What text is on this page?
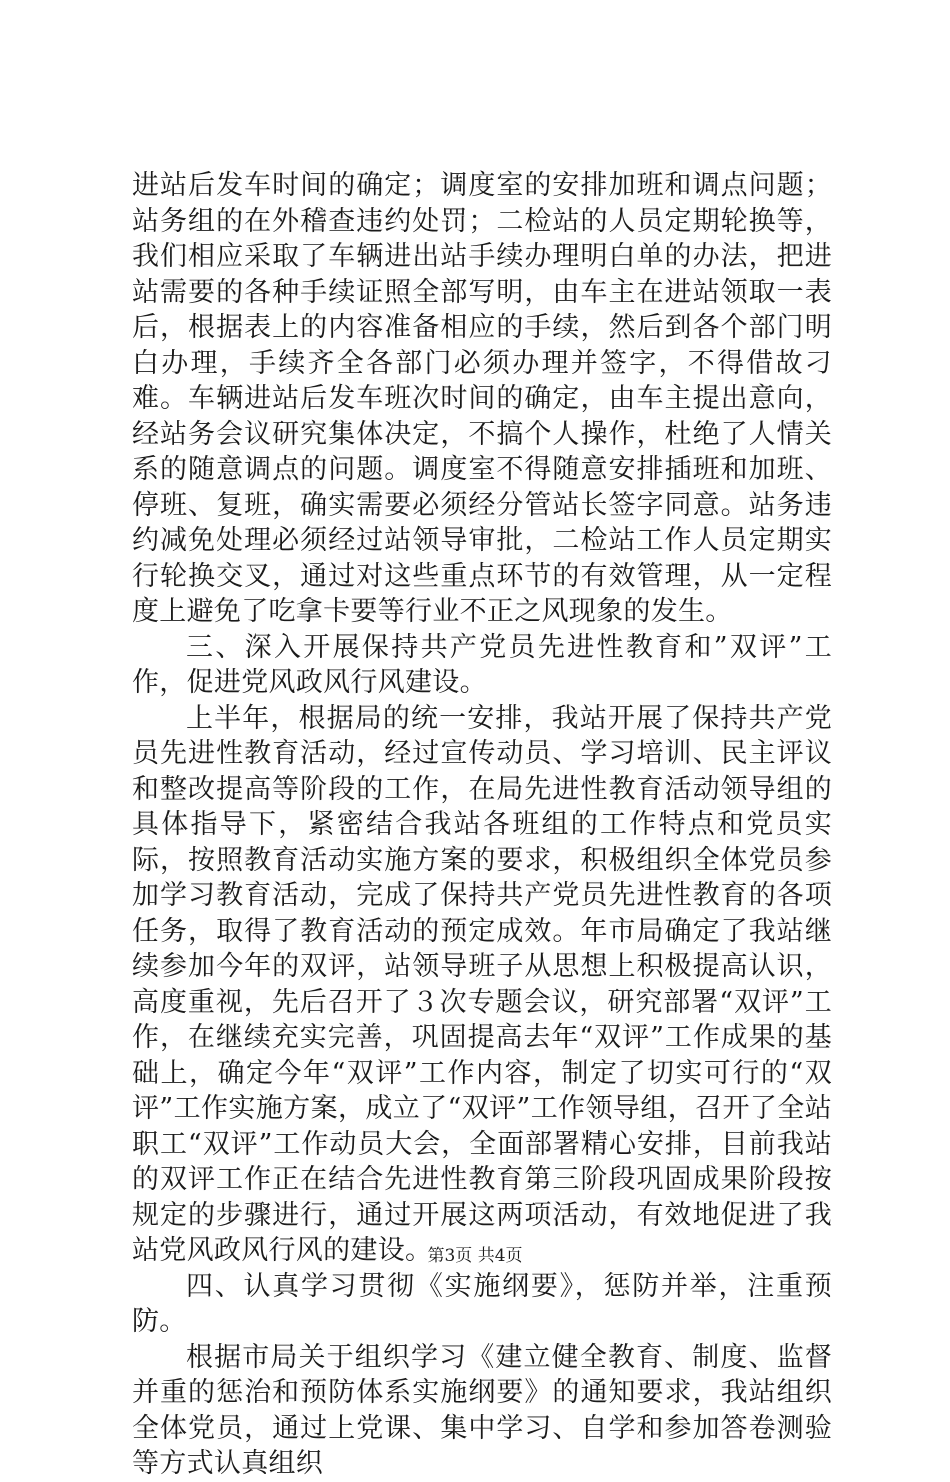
进站后发车时间的确定；调度室的安排加班和调点问题；站务组的在外稽查违约处罚；二检站的人员定期轮换等，我们相应采取了车辆进出站手续办理明白单的办法，把进站需要的各种手续证照全部写明，由车主在进站领取一表后，根据表上的内容准备相应的手续，然后到各个部门明白办理，手续齐全各部门必须办理并签字，不得借故刁难。车辆进站后发车班次时间的确定，由车主提出意向，经站务会议研究集体决定，不搞个人操作，杜绝了人情关系的随意调点的问题。调度室不得随意安排插班和加班、停班、复班，确实需要必须经分管站长签字同意。站务违约减免处理必须经过站领导审批，二检站工作人员定期实行轮换交叉，通过对这些重点环节的有效管理，从一定程度上避免了吃拿卡要等行业不正之风现象的发生。

三、深入开展保持共产党员先进性教育和”双评”工作，促进党风政风行风建设。

上半年，根据局的统一安排，我站开展了保持共产党员先进性教育活动，经过宣传动员、学习培训、民主评议和整改提高等阶段的工作，在局先进性教育活动领导组的具体指导下，紧密结合我站各班组的工作特点和党员实际，按照教育活动实施方案的要求，积极组织全体党员参加学习教育活动，完成了保持共产党员先进性教育的各项任务，取得了教育活动的预定成效。年市局确定了我站继续参加今年的双评，站领导班子从思想上积极提高认识，高度重视，先后召开了３次专题会议，研究部署“双评”工作，在继续充实完善，巩固提高去年“双评”工作成果的基础上，确定今年“双评”工作内容，制定了切实可行的“双评”工作实施方案，成立了“双评”工作领导组，召开了全站职工“双评”工作动员大会，全面部署精心安排，目前我站的双评工作正在结合先进性教育第三阶段巩固成果阶段按规定的步骤进行，通过开展这两项活动，有效地促进了我站党风政风行风的建设。

四、认真学习贯彻《实施纲要》，惩防并举，注重预防。

根据市局关于组织学习《建立健全教育、制度、监督并重的惩治和预防体系实施纲要》的通知要求，我站组织全体党员，通过上党课、集中学习、自学和参加答卷测验等方式认真组织

第3页 共4页
